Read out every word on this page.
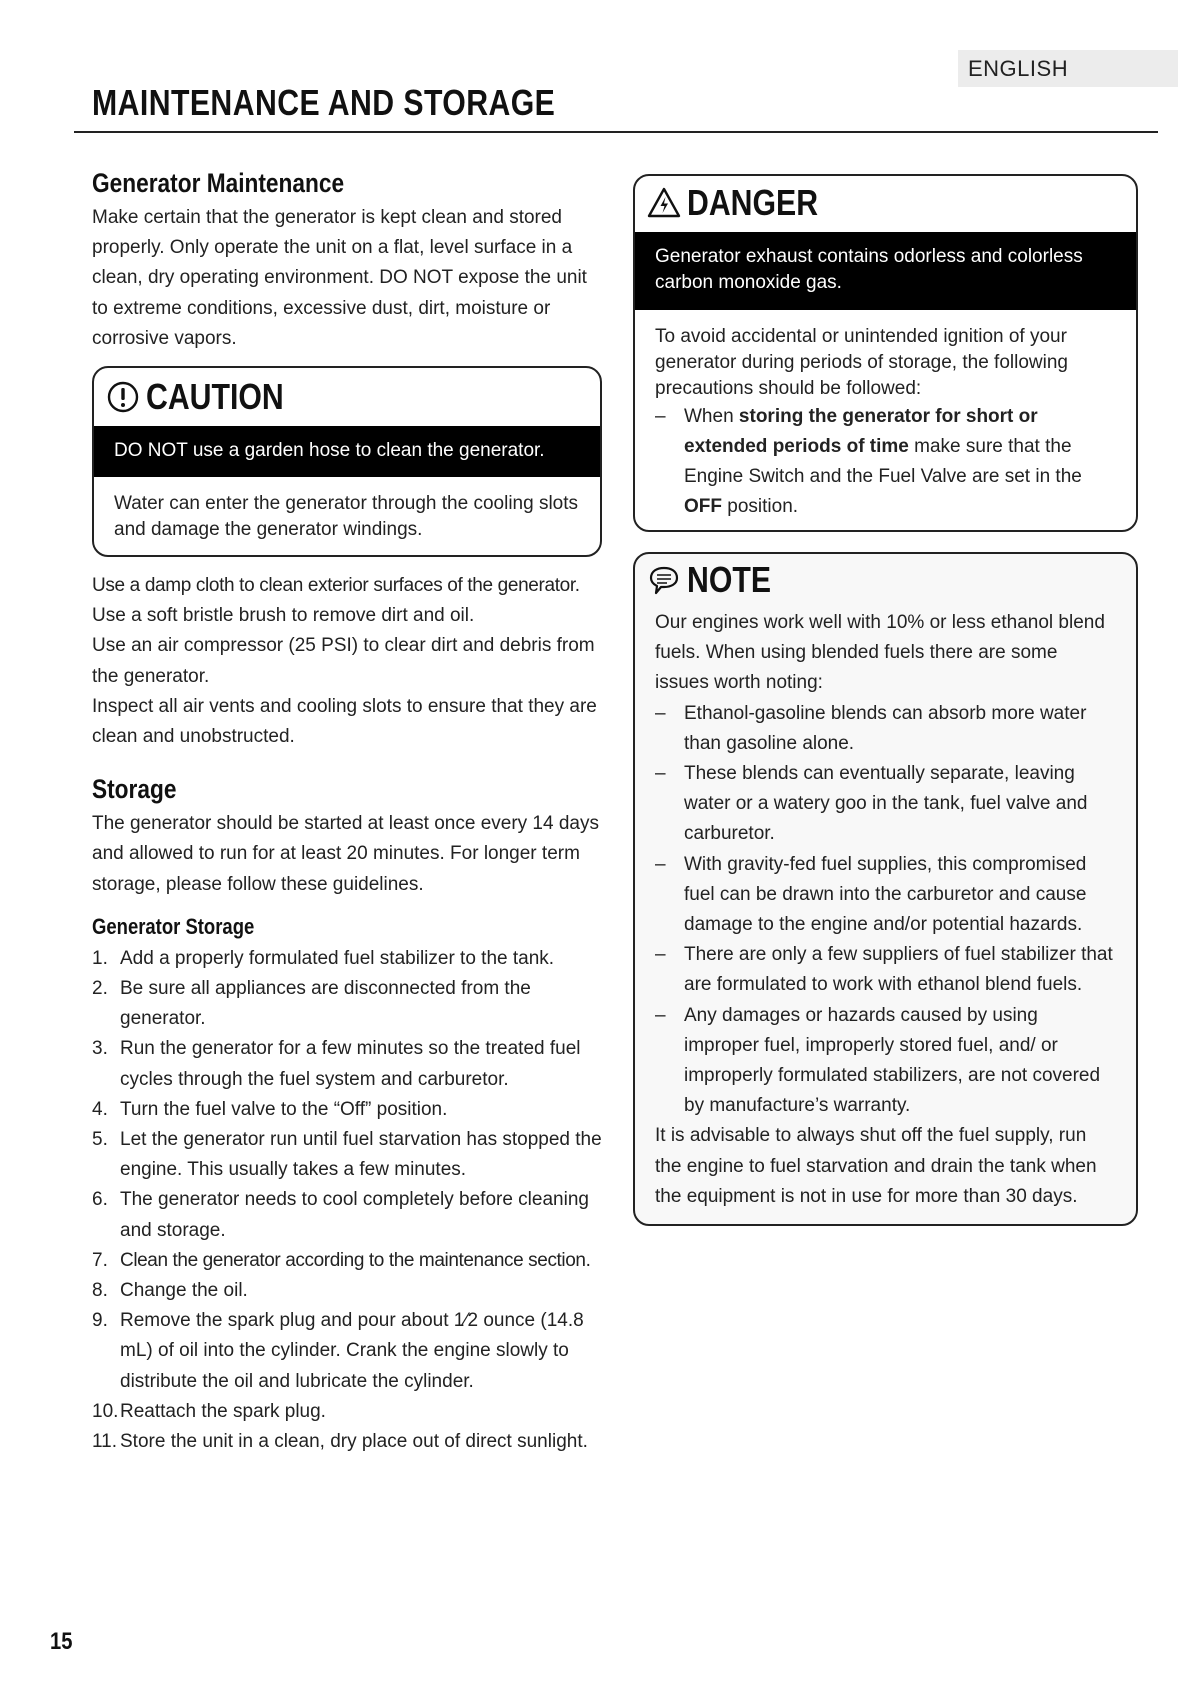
ENGLISH
MAINTENANCE AND STORAGE
Generator Maintenance

Make certain that the generator is kept clean and stored properly. Only operate the unit on a flat, level surface in a clean, dry operating environment. DO NOT expose the unit to extreme conditions, excessive dust, dirt, moisture or corrosive vapors.

CAUTION
DO NOT use a garden hose to clean the generator.
Water can enter the generator through the cooling slots and damage the generator windings.

Use a damp cloth to clean exterior surfaces of the generator.

Use a soft bristle brush to remove dirt and oil.

Use an air compressor (25 PSI) to clear dirt and debris from the generator.

Inspect all air vents and cooling slots to ensure that they are clean and unobstructed.

Storage

The generator should be started at least once every 14 days and allowed to run for at least 20 minutes. For longer term storage, please follow these guidelines.

Generator Storage
1. Add a properly formulated fuel stabilizer to the tank.
2. Be sure all appliances are disconnected from the generator.
3. Run the generator for a few minutes so the treated fuel cycles through the fuel system and carburetor.
4. Turn the fuel valve to the “Off” position.
5. Let the generator run until fuel starvation has stopped the engine. This usually takes a few minutes.
6. The generator needs to cool completely before cleaning and storage.
7. Clean the generator according to the maintenance section.
8. Change the oil.
9. Remove the spark plug and pour about 1⁄2 ounce (14.8 mL) of oil into the cylinder. Crank the engine slowly to distribute the oil and lubricate the cylinder.
10. Reattach the spark plug.
11. Store the unit in a clean, dry place out of direct sunlight.
DANGER
Generator exhaust contains odorless and colorless carbon monoxide gas.
To avoid accidental or unintended ignition of your generator during periods of storage, the following precautions should be followed:
– When storing the generator for short or extended periods of time make sure that the Engine Switch and the Fuel Valve are set in the OFF position.
NOTE
Our engines work well with 10% or less ethanol blend fuels. When using blended fuels there are some issues worth noting:
– Ethanol-gasoline blends can absorb more water than gasoline alone.
– These blends can eventually separate, leaving water or a watery goo in the tank, fuel valve and carburetor.
– With gravity-fed fuel supplies, this compromised fuel can be drawn into the carburetor and cause damage to the engine and/or potential hazards.
– There are only a few suppliers of fuel stabilizer that are formulated to work with ethanol blend fuels.
– Any damages or hazards caused by using improper fuel, improperly stored fuel, and/ or improperly formulated stabilizers, are not covered by manufacture’s warranty.
It is advisable to always shut off the fuel supply, run the engine to fuel starvation and drain the tank when the equipment is not in use for more than 30 days.
15
